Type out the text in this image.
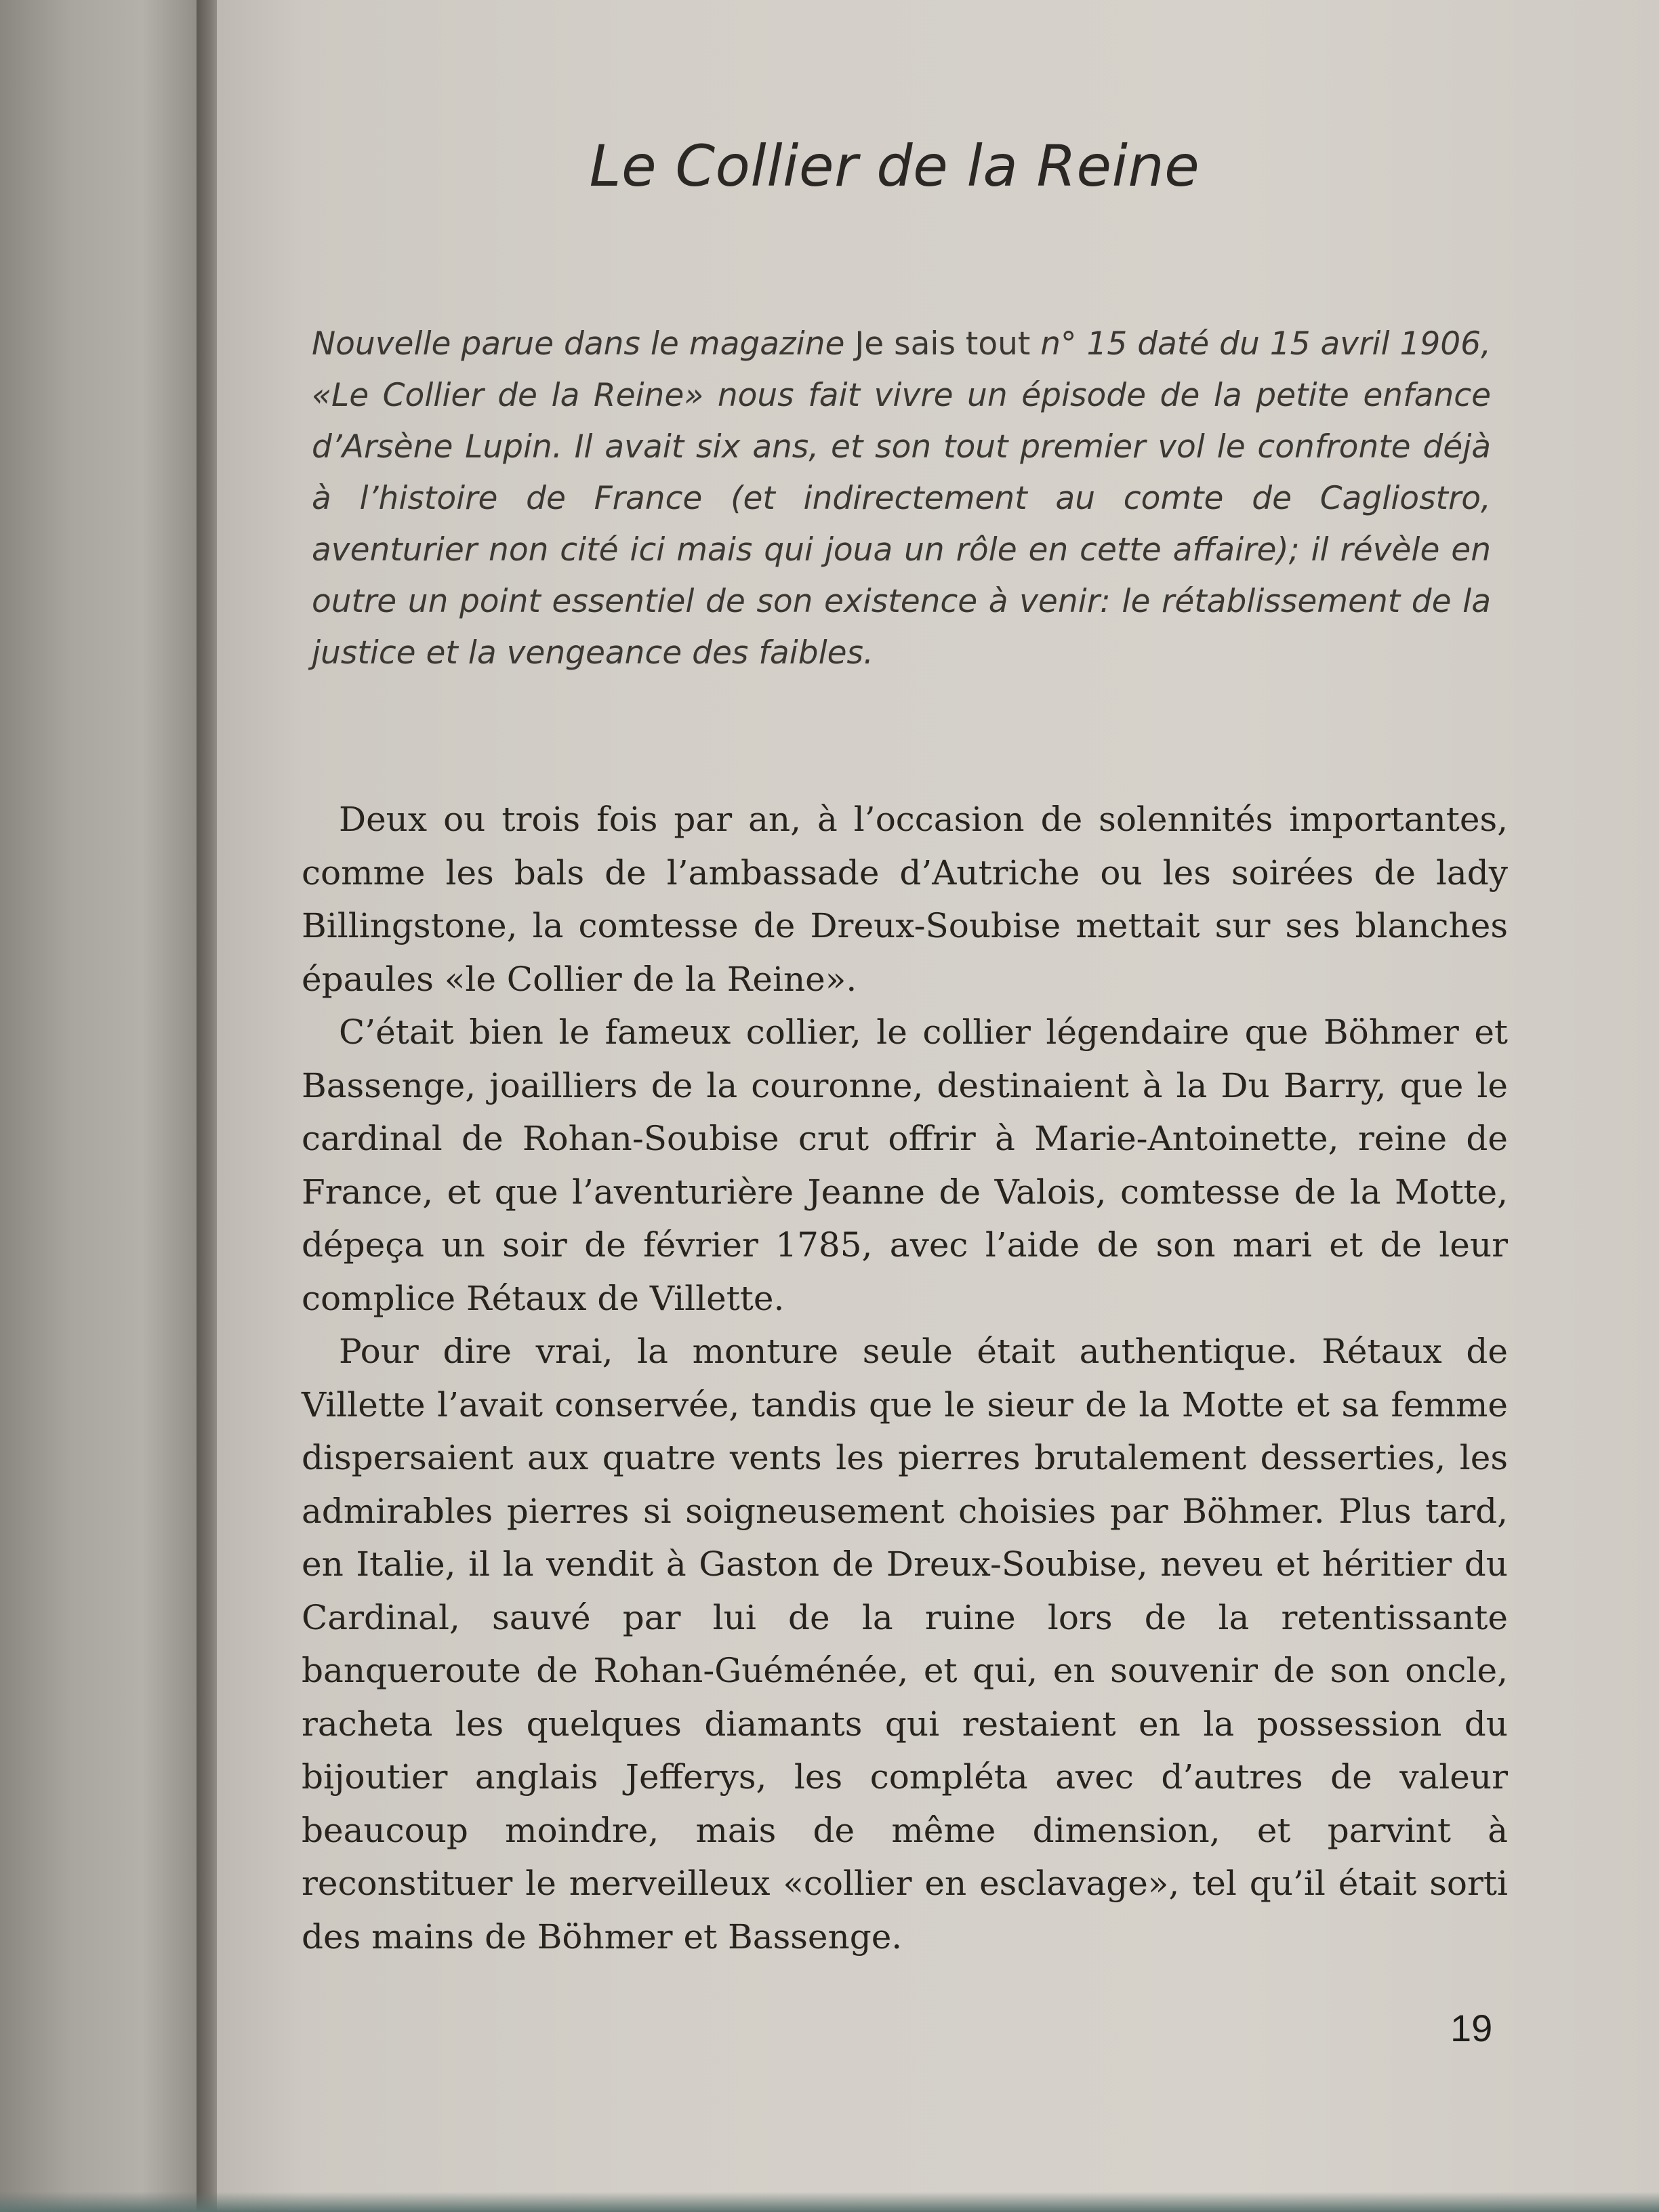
Le Collier de la Reine
Nouvelle parue dans le magazine Je sais tout n° 15 daté du 15 avril 1906, «Le Collier de la Reine» nous fait vivre un épisode de la petite enfance d’Arsène Lupin. Il avait six ans, et son tout premier vol le confronte déjà à l’histoire de France (et indirectement au comte de Cagliostro, aventurier non cité ici mais qui joua un rôle en cette affaire); il révèle en outre un point essentiel de son existence à venir: le rétablissement de la justice et la vengeance des faibles.

Deux ou trois fois par an, à l’occasion de solennités importantes, comme les bals de l’ambassade d’Autriche ou les soirées de lady Billingstone, la comtesse de Dreux-Soubise mettait sur ses blanches épaules «le Collier de la Reine».

C’était bien le fameux collier, le collier légendaire que Böhmer et Bassenge, joailliers de la couronne, destinaient à la Du Barry, que le cardinal de Rohan-Soubise crut offrir à Marie-Antoinette, reine de France, et que l’aventurière Jeanne de Valois, comtesse de la Motte, dépeça un soir de février 1785, avec l’aide de son mari et de leur complice Rétaux de Villette.

Pour dire vrai, la monture seule était authentique. Rétaux de Villette l’avait conservée, tandis que le sieur de la Motte et sa femme dispersaient aux quatre vents les pierres brutalement desserties, les admirables pierres si soigneusement choisies par Böhmer. Plus tard, en Italie, il la vendit à Gaston de Dreux-Soubise, neveu et héritier du Cardinal, sauvé par lui de la ruine lors de la retentissante banqueroute de Rohan-Guéménée, et qui, en souvenir de son oncle, racheta les quelques diamants qui restaient en la possession du bijoutier anglais Jefferys, les compléta avec d’autres de valeur beaucoup moindre, mais de même dimension, et parvint à reconstituer le merveilleux «collier en esclavage», tel qu’il était sorti des mains de Böhmer et Bassenge.

19
